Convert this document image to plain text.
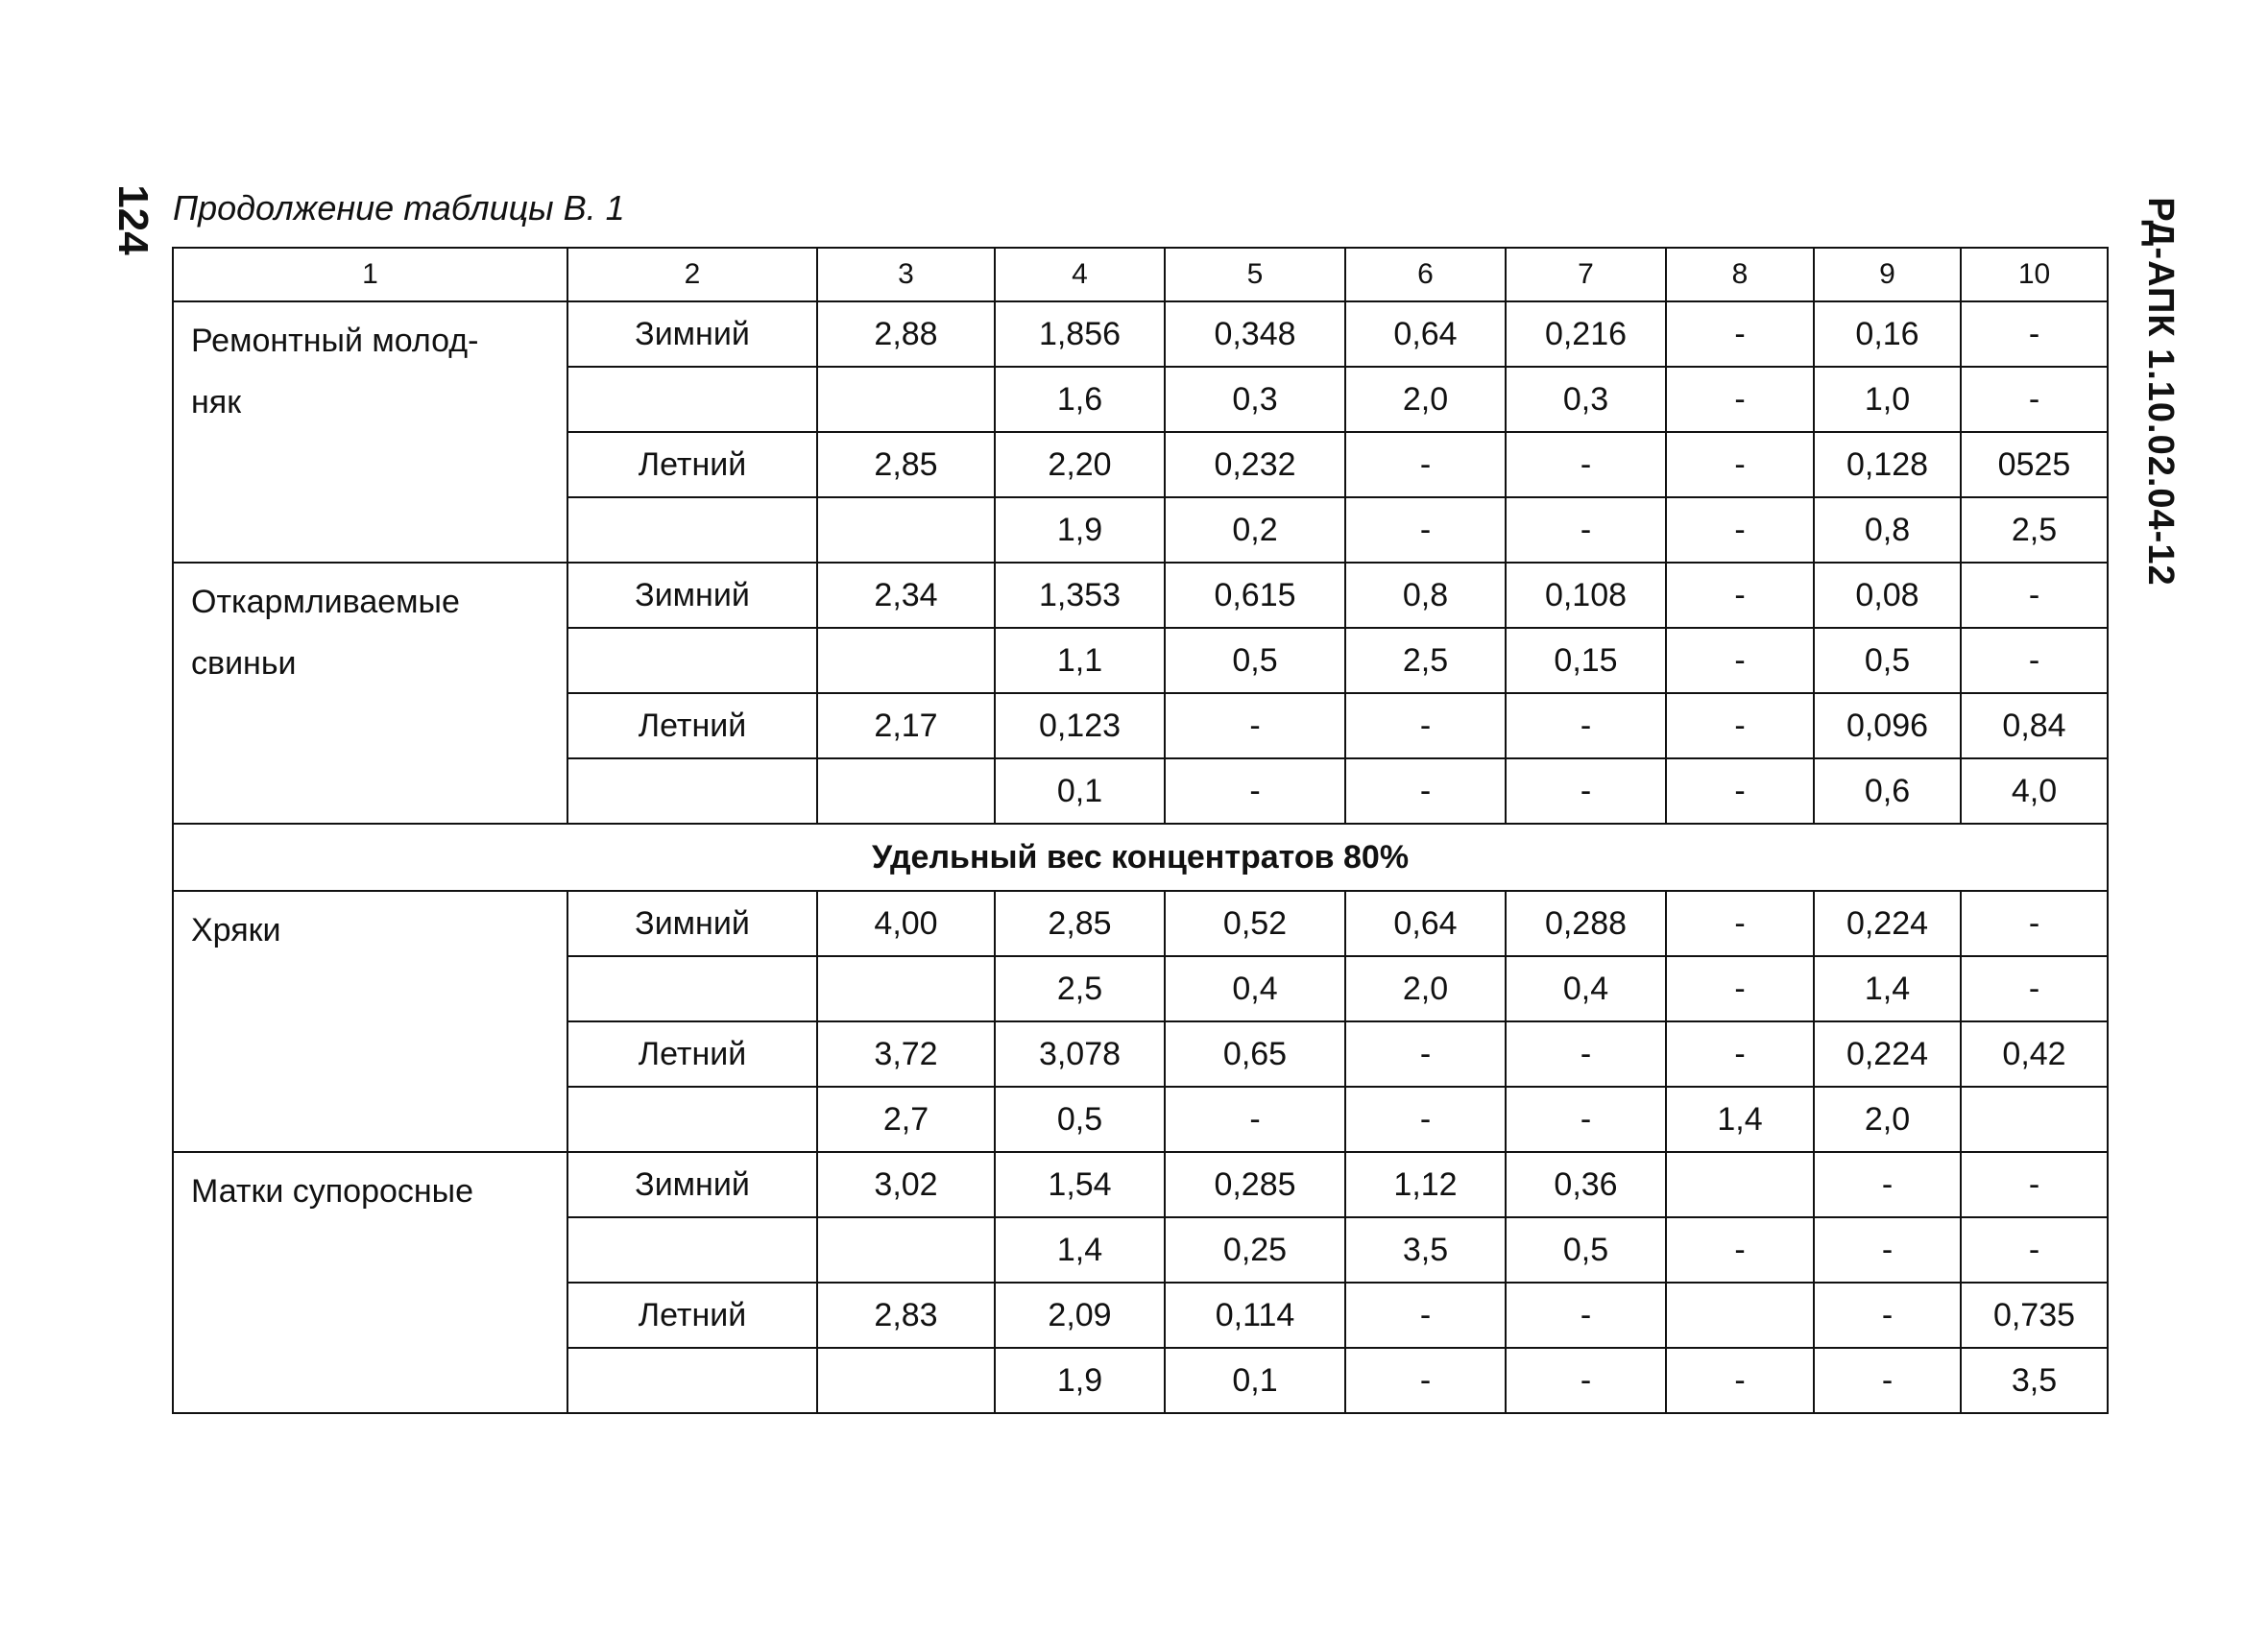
124 Продолжение таблицы В. 1	РД-АПК 1.10.02.04-12
1	2	3	4	5	6	7	8	9	10
Ремонтный молод-
няк	Зимний	2,88	1,856	0,348	0,64	0,216	-	0,16	-
			1,6	0,3	2,0	0,3	-	1,0	-
	Летний	2,85	2,20	0,232	-	-	-	0,128	0525
			1,9	0,2	-	-	-	0,8	2,5
Откармливаемые
свиньи	Зимний	2,34	1,353	0,615	0,8	0,108	-	0,08	-
			1,1	0,5	2,5	0,15	-	0,5	-
	Летний	2,17	0,123	-	-	-	-	0,096	0,84
			0,1	-	-	-	-	0,6	4,0
Удельный вес концентратов 80%									
Хряки	Зимний	4,00	2,85	0,52	0,64	0,288	-	0,224	-
			2,5	0,4	2,0	0,4	-	1,4	-
	Летний	3,72	3,078	0,65	-	-	-	0,224	0,42
		2,7	0,5	-	-	-	1,4	2,0	
Матки супоросные	Зимний	3,02	1,54	0,285	1,12	0,36		-	-
			1,4	0,25	3,5	0,5	-	-	-
	Летний	2,83	2,09	0,114	-	-		-	0,735
			1,9	0,1	-	-	-	-	3,5
